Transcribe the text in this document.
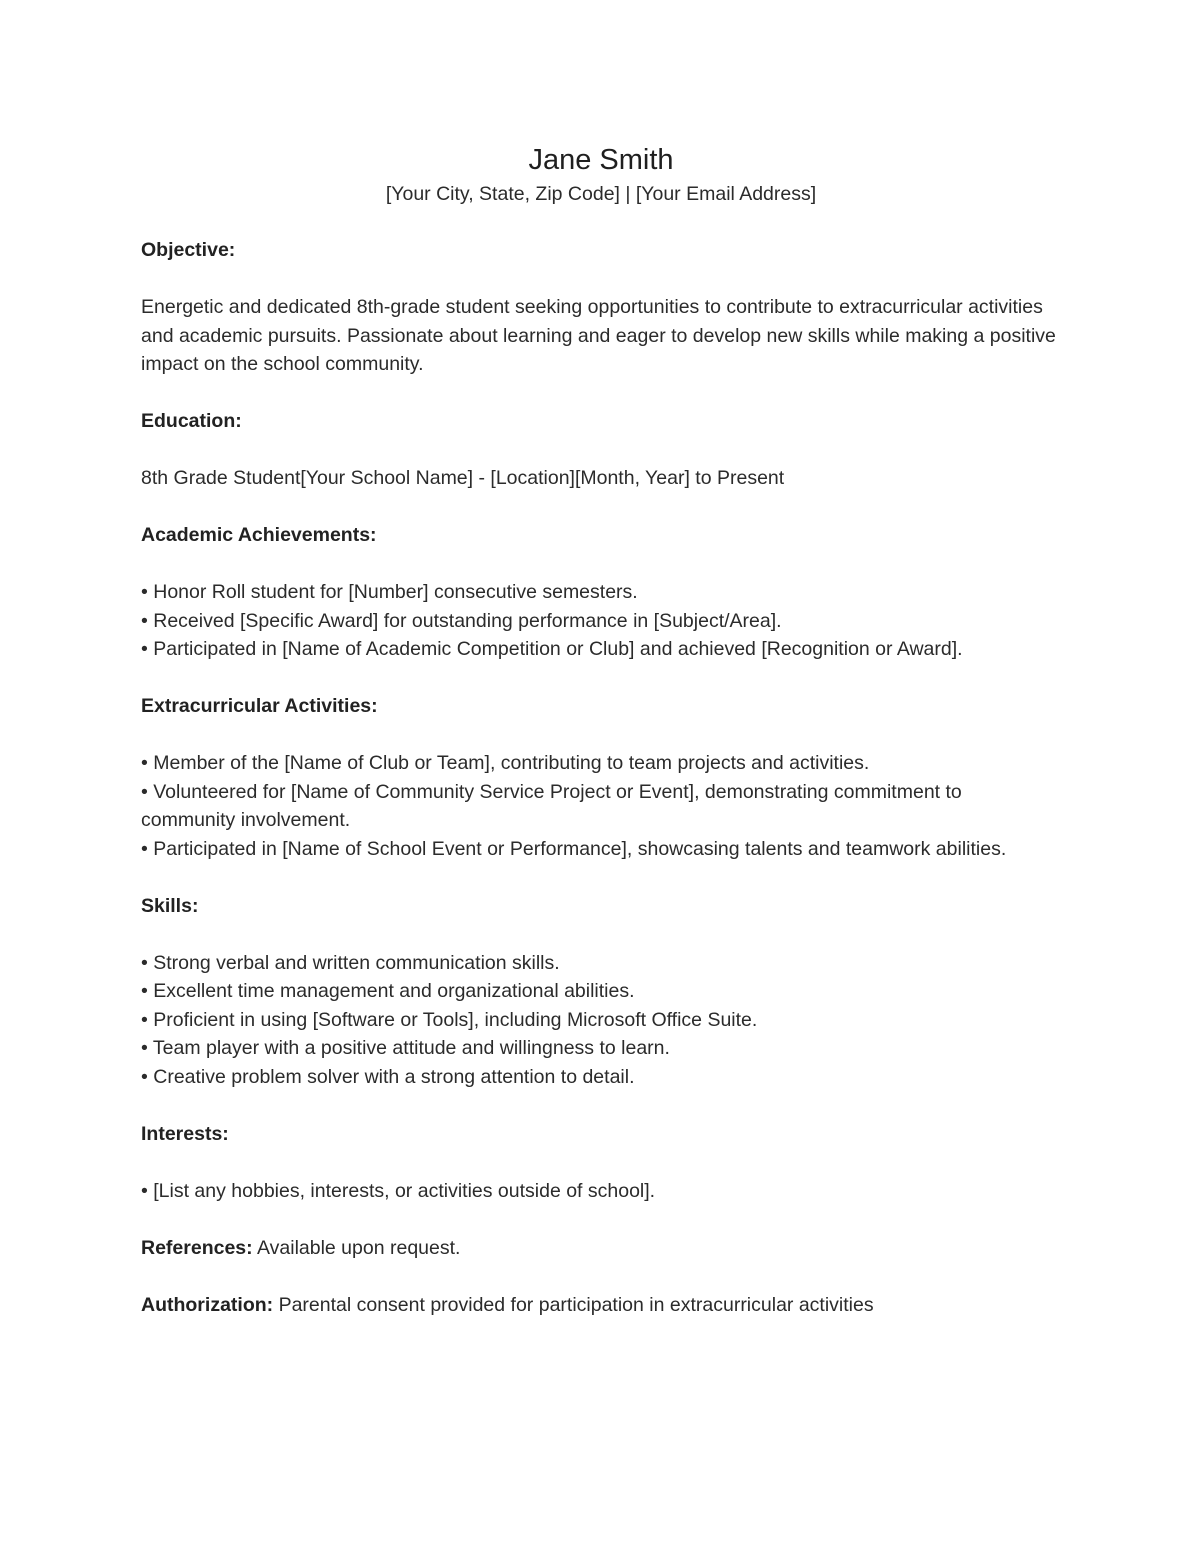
Jane Smith

[Your City, State, Zip Code] | [Your Email Address]

Objective:

Energetic and dedicated 8th-grade student seeking opportunities to contribute to extracurricular activities and academic pursuits. Passionate about learning and eager to develop new skills while making a positive impact on the school community.

Education:

8th Grade Student[Your School Name] - [Location][Month, Year] to Present

Academic Achievements:

• Honor Roll student for [Number] consecutive semesters.
• Received [Specific Award] for outstanding performance in [Subject/Area].
• Participated in [Name of Academic Competition or Club] and achieved [Recognition or Award].

Extracurricular Activities:

• Member of the [Name of Club or Team], contributing to team projects and activities.
• Volunteered for [Name of Community Service Project or Event], demonstrating commitment to community involvement.
• Participated in [Name of School Event or Performance], showcasing talents and teamwork abilities.

Skills:

• Strong verbal and written communication skills.
• Excellent time management and organizational abilities.
• Proficient in using [Software or Tools], including Microsoft Office Suite.
• Team player with a positive attitude and willingness to learn.
• Creative problem solver with a strong attention to detail.

Interests:

• [List any hobbies, interests, or activities outside of school].

References: Available upon request.

Authorization: Parental consent provided for participation in extracurricular activities
